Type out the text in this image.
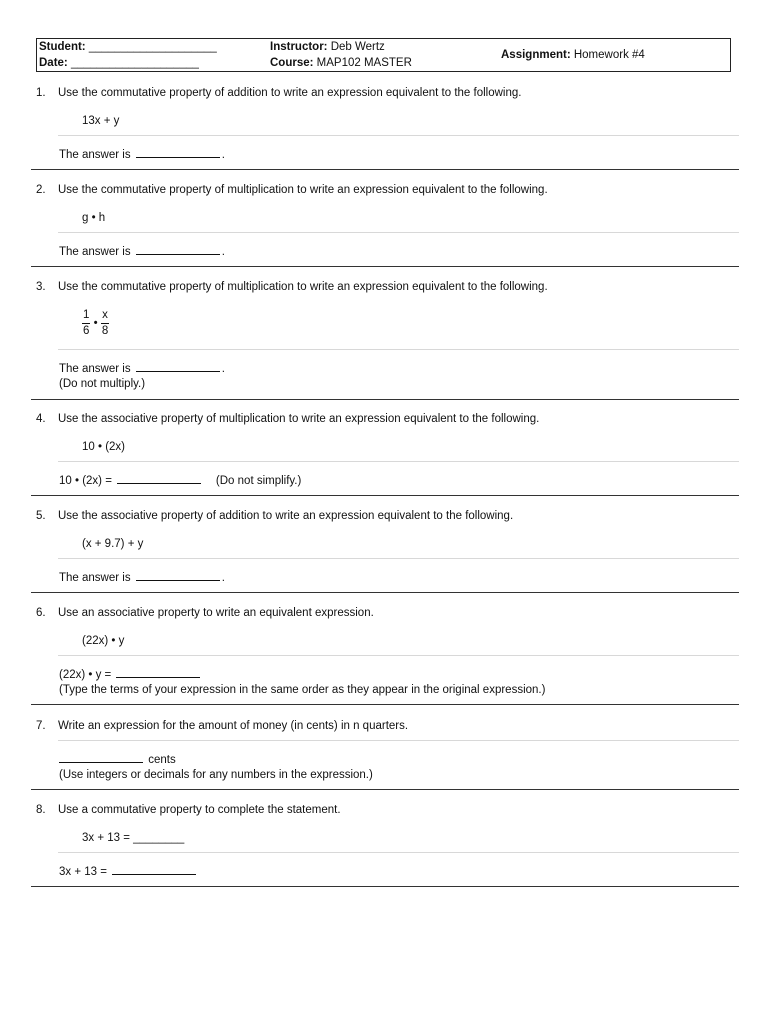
Student: ____________________
Date: ____________________
Instructor: Deb Wertz
Course: MAP102 MASTER
Assignment: Homework #4
1. Use the commutative property of addition to write an expression equivalent to the following.
13x + y
The answer is	.
2. Use the commutative property of multiplication to write an expression equivalent to the following.
g • h
The answer is	.
3. Use the commutative property of multiplication to write an expression equivalent to the following.
$\frac{1}{6}$ • $\frac{x}{8}$
The answer is	.
(Do not multiply.)
4. Use the associative property of multiplication to write an expression equivalent to the following.
10 • (2x)
10 • (2x) =	(Do not simplify.)
5. Use the associative property of addition to write an expression equivalent to the following.
(x + 9.7) + y
The answer is	.
6. Use an associative property to write an equivalent expression.
(22x) • y
(22x) • y =
(Type the terms of your expression in the same order as they appear in the original expression.)
7. Write an expression for the amount of money (in cents) in n quarters.
cents
(Use integers or decimals for any numbers in the expression.)
8. Use a commutative property to complete the statement.
3x + 13 = ________
3x + 13 =
